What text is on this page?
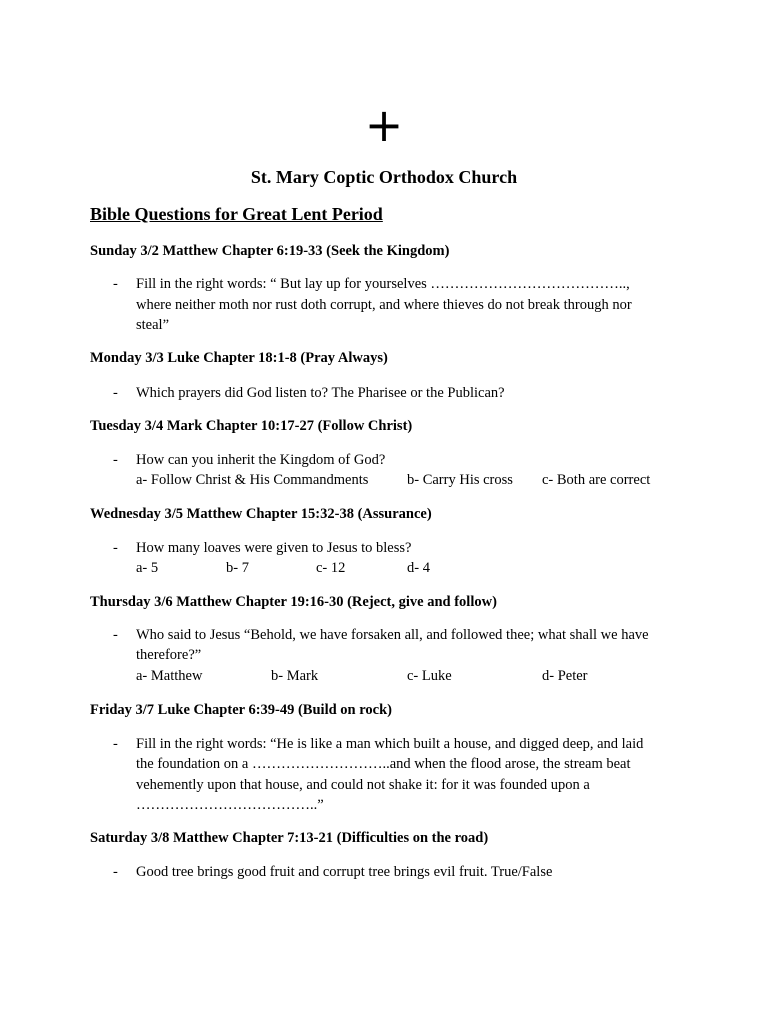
+
St. Mary Coptic Orthodox Church
Bible Questions for Great Lent Period
Sunday 3/2 Matthew Chapter 6:19-33 (Seek the Kingdom)
- Fill in the right words: “ But lay up for yourselves …………………………………..,
where neither moth nor rust doth corrupt, and where thieves do not break through nor
steal”
Monday 3/3 Luke Chapter 18:1-8 (Pray Always)
- Which prayers did God listen to? The Pharisee or the Publican?
Tuesday 3/4 Mark Chapter 10:17-27 (Follow Christ)
- How can you inherit the Kingdom of God?
a- Follow Christ & His Commandments	b- Carry His cross c- Both are correct
Wednesday 3/5 Matthew Chapter 15:32-38 (Assurance)
- How many loaves were given to Jesus to bless?
a- 5	b- 7	c- 12	d- 4
Thursday 3/6 Matthew Chapter 19:16-30 (Reject, give and follow)
- Who said to Jesus “Behold, we have forsaken all, and followed thee; what shall we have
therefore?”
a- Matthew	b- Mark	c- Luke	d- Peter
Friday 3/7 Luke Chapter 6:39-49 (Build on rock)
- Fill in the right words: “He is like a man which built a house, and digged deep, and laid
the foundation on a ………………………..and when the flood arose, the stream beat
vehemently upon that house, and could not shake it: for it was founded upon a
………………………………..”
Saturday 3/8 Matthew Chapter 7:13-21 (Difficulties on the road)
- Good tree brings good fruit and corrupt tree brings evil fruit. True/False
